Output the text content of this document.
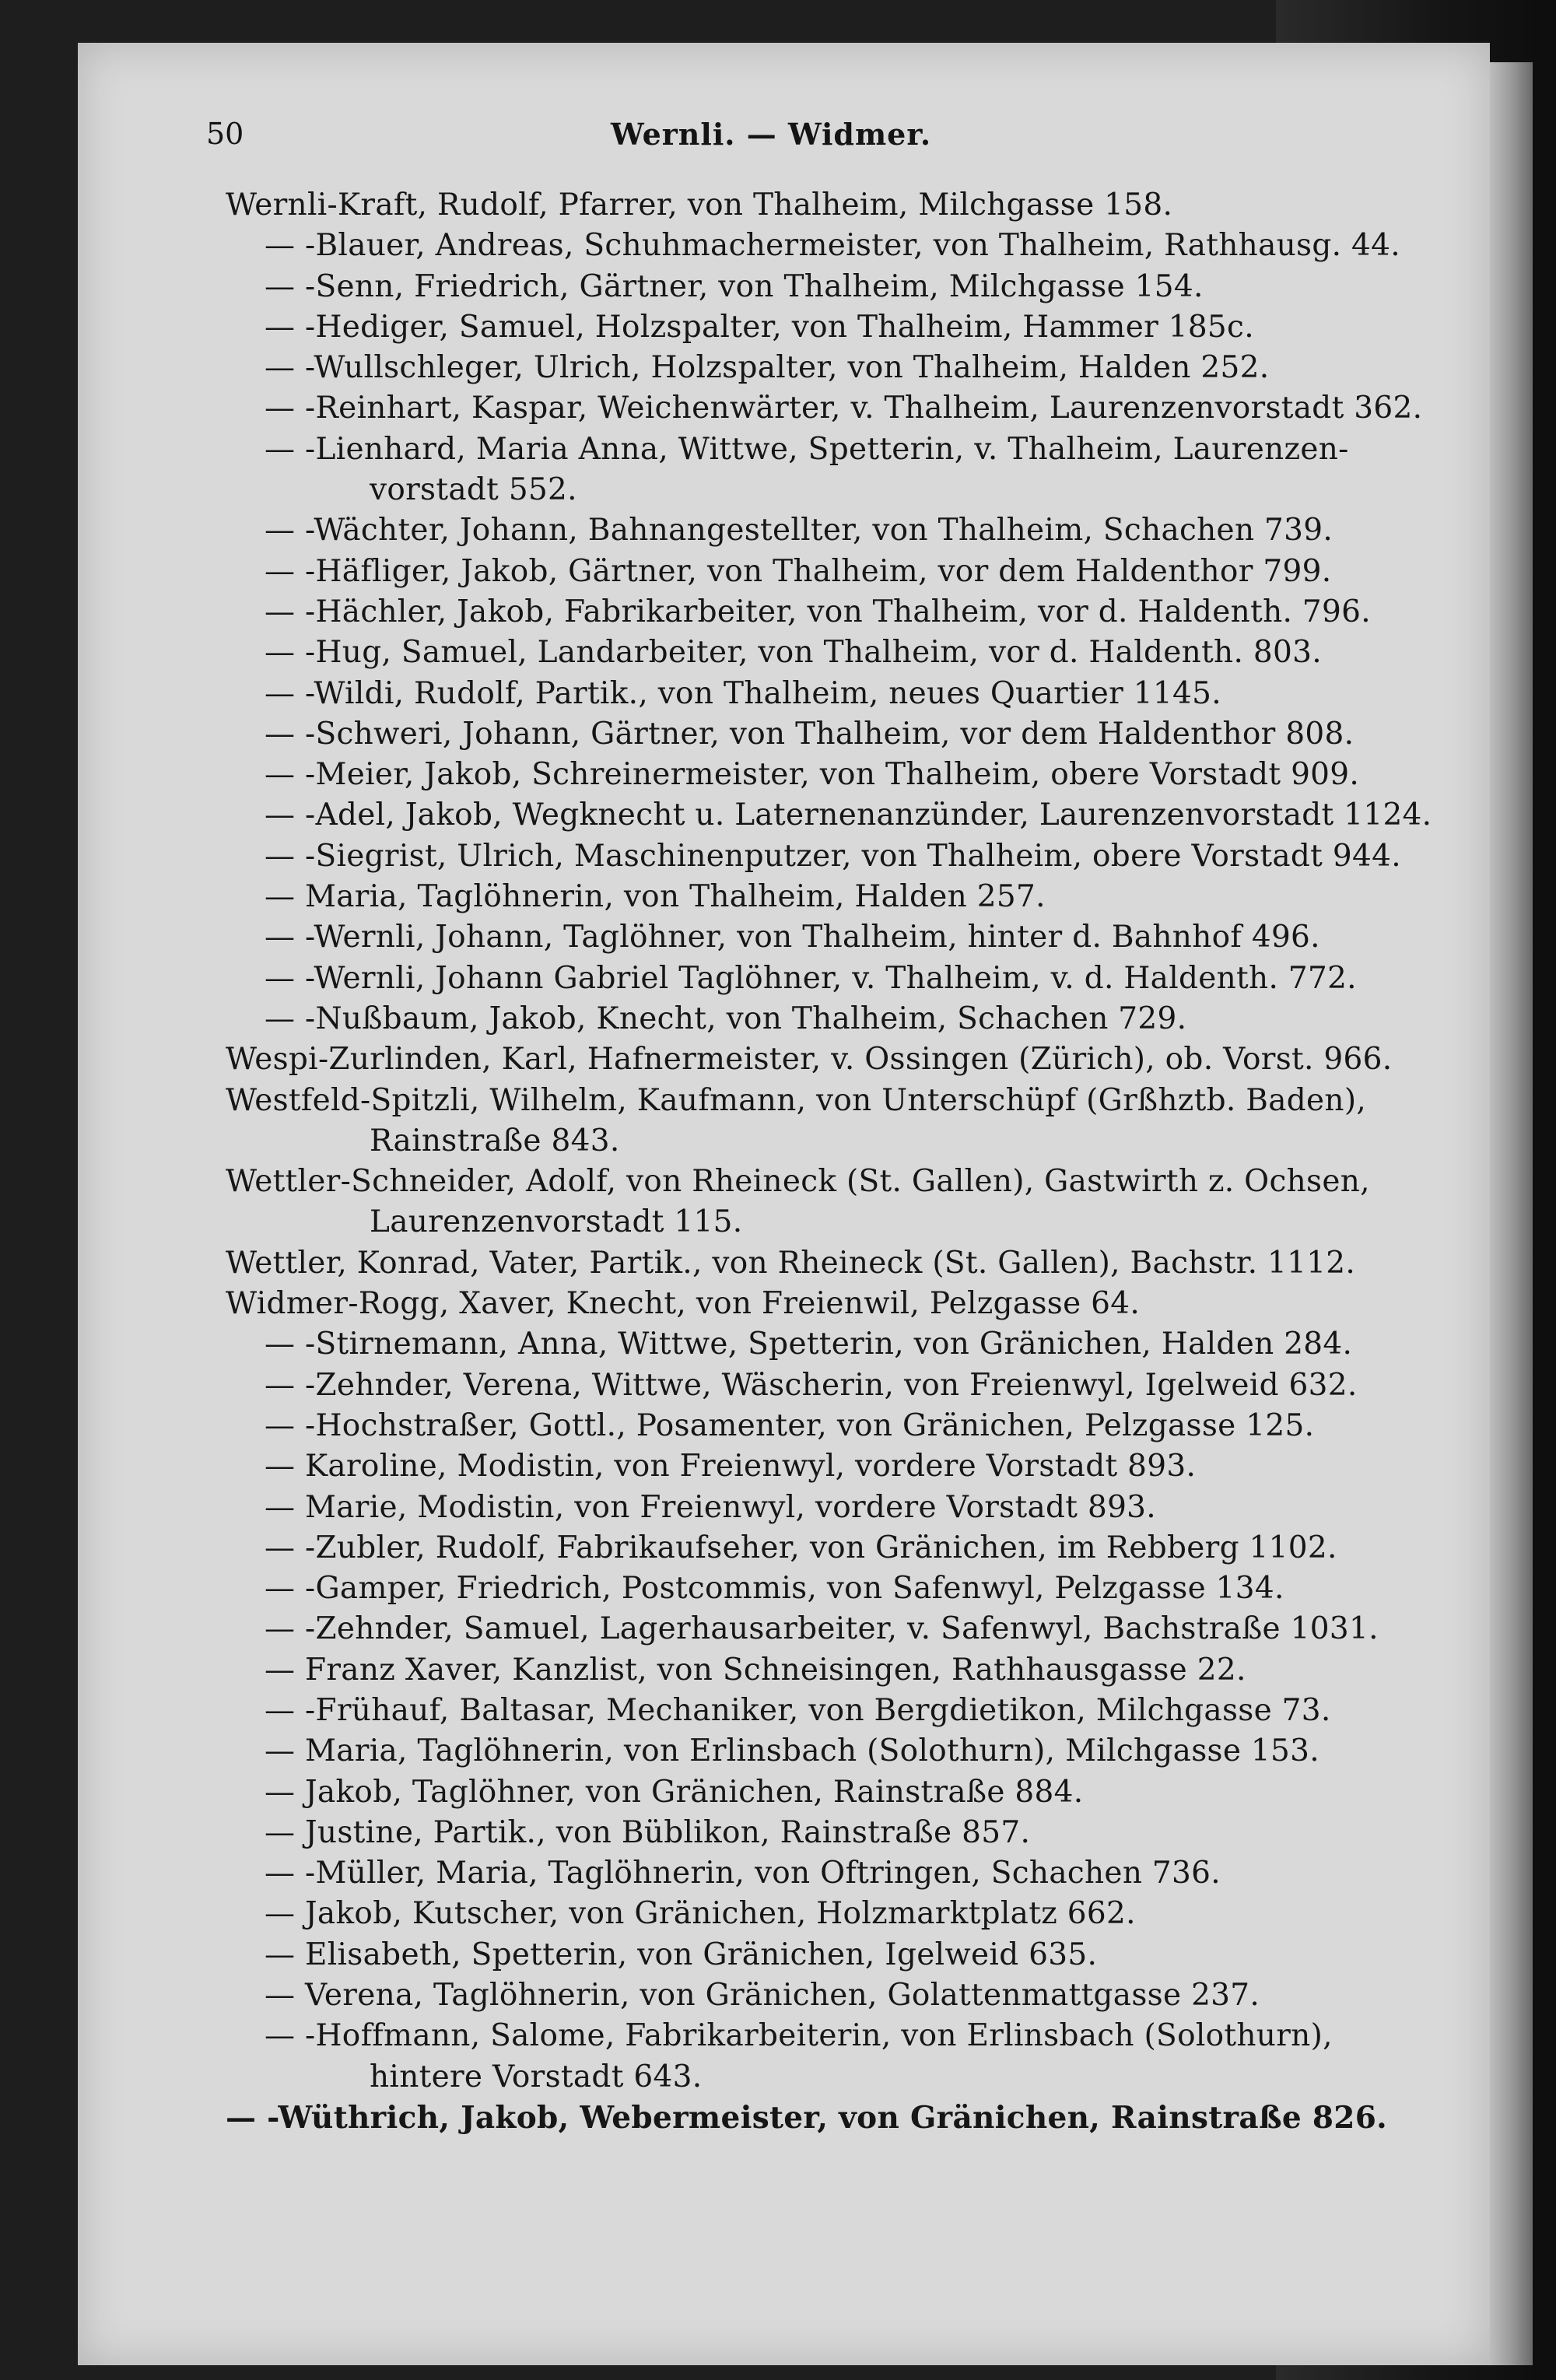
50	Wernli. — Widmer.
Wernli-Kraft, Rudolf, Pfarrer, von Thalheim, Milchgasse 158.
— -Blauer, Andreas, Schuhmachermeister, von Thalheim, Rathhausg. 44.
— -Senn, Friedrich, Gärtner, von Thalheim, Milchgasse 154.
— -Hediger, Samuel, Holzspalter, von Thalheim, Hammer 185c.
— -Wullschleger, Ulrich, Holzspalter, von Thalheim, Halden 252.
— -Reinhart, Kaspar, Weichenwärter, v. Thalheim, Laurenzenvorstadt 362.
— -Lienhard, Maria Anna, Wittwe, Spetterin, v. Thalheim, Laurenzen-
vorstadt 552.
— -Wächter, Johann, Bahnangestellter, von Thalheim, Schachen 739.
— -Häfliger, Jakob, Gärtner, von Thalheim, vor dem Haldenthor 799.
— -Hächler, Jakob, Fabrikarbeiter, von Thalheim, vor d. Haldenth. 796.
— -Hug, Samuel, Landarbeiter, von Thalheim, vor d. Haldenth. 803.
— -Wildi, Rudolf, Partik., von Thalheim, neues Quartier 1145.
— -Schweri, Johann, Gärtner, von Thalheim, vor dem Haldenthor 808.
— -Meier, Jakob, Schreinermeister, von Thalheim, obere Vorstadt 909.
— -Adel, Jakob, Wegknecht u. Laternenanzünder, Laurenzenvorstadt 1124.
— -Siegrist, Ulrich, Maschinenputzer, von Thalheim, obere Vorstadt 944.
— Maria, Taglöhnerin, von Thalheim, Halden 257.
— -Wernli, Johann, Taglöhner, von Thalheim, hinter d. Bahnhof 496.
— -Wernli, Johann Gabriel Taglöhner, v. Thalheim, v. d. Haldenth. 772.
— -Nußbaum, Jakob, Knecht, von Thalheim, Schachen 729.
Wespi-Zurlinden, Karl, Hafnermeister, v. Ossingen (Zürich), ob. Vorst. 966.
Westfeld-Spitzli, Wilhelm, Kaufmann, von Unterschüpf (Grßhztb. Baden),
Rainstraße 843.
Wettler-Schneider, Adolf, von Rheineck (St. Gallen), Gastwirth z. Ochsen,
Laurenzenvorstadt 115.
Wettler, Konrad, Vater, Partik., von Rheineck (St. Gallen), Bachstr. 1112.
Widmer-Rogg, Xaver, Knecht, von Freienwil, Pelzgasse 64.
— -Stirnemann, Anna, Wittwe, Spetterin, von Gränichen, Halden 284.
— -Zehnder, Verena, Wittwe, Wäscherin, von Freienwyl, Igelweid 632.
— -Hochstraßer, Gottl., Posamenter, von Gränichen, Pelzgasse 125.
— Karoline, Modistin, von Freienwyl, vordere Vorstadt 893.
— Marie, Modistin, von Freienwyl, vordere Vorstadt 893.
— -Zubler, Rudolf, Fabrikaufseher, von Gränichen, im Rebberg 1102.
— -Gamper, Friedrich, Postcommis, von Safenwyl, Pelzgasse 134.
— -Zehnder, Samuel, Lagerhausarbeiter, v. Safenwyl, Bachstraße 1031.
— Franz Xaver, Kanzlist, von Schneisingen, Rathhausgasse 22.
— -Frühauf, Baltasar, Mechaniker, von Bergdietikon, Milchgasse 73.
— Maria, Taglöhnerin, von Erlinsbach (Solothurn), Milchgasse 153.
— Jakob, Taglöhner, von Gränichen, Rainstraße 884.
— Justine, Partik., von Büblikon, Rainstraße 857.
— -Müller, Maria, Taglöhnerin, von Oftringen, Schachen 736.
— Jakob, Kutscher, von Gränichen, Holzmarktplatz 662.
— Elisabeth, Spetterin, von Gränichen, Igelweid 635.
— Verena, Taglöhnerin, von Gränichen, Golattenmattgasse 237.
— -Hoffmann, Salome, Fabrikarbeiterin, von Erlinsbach (Solothurn),
hintere Vorstadt 643.
— -Wüthrich, Jakob, Webermeister, von Gränichen, Rainstraße 826.
